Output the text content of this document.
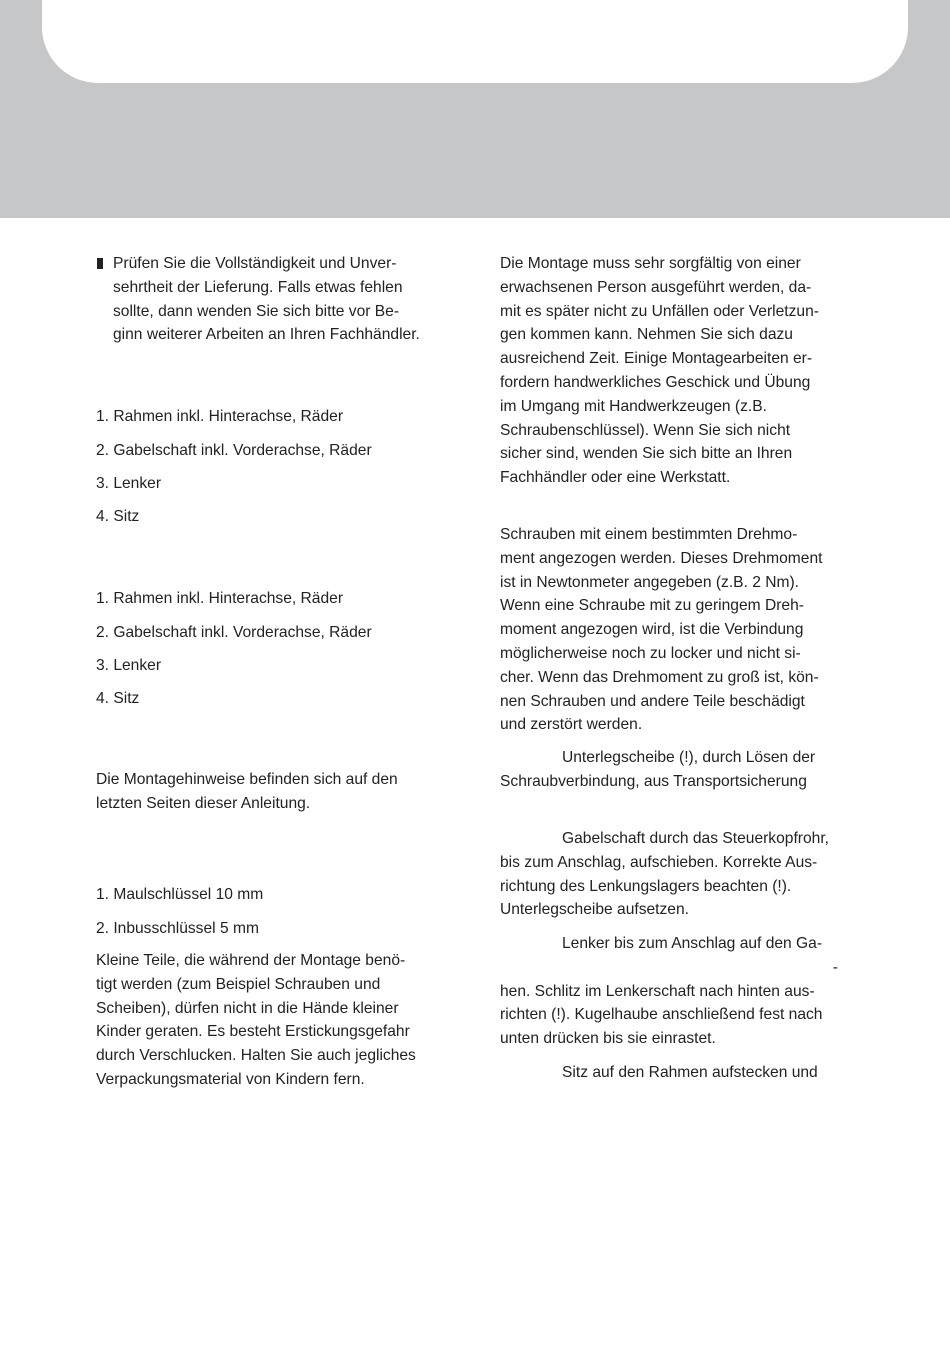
Prüfen Sie die Vollständigkeit und Unver-
sehrtheit der Lieferung. Falls etwas fehlen
sollte, dann wenden Sie sich bitte vor Be-
ginn weiterer Arbeiten an Ihren Fachhändler.
1. Rahmen inkl. Hinterachse, Räder
2. Gabelschaft inkl. Vorderachse, Räder
3. Lenker
4. Sitz
1. Rahmen inkl. Hinterachse, Räder
2. Gabelschaft inkl. Vorderachse, Räder
3. Lenker
4. Sitz
Die Montagehinweise befinden sich auf den
letzten Seiten dieser Anleitung.
1. Maulschlüssel 10 mm
2. Inbusschlüssel 5 mm
Kleine Teile, die während der Montage benö-
tigt werden (zum Beispiel Schrauben und
Scheiben), dürfen nicht in die Hände kleiner
Kinder geraten. Es besteht Erstickungsgefahr
durch Verschlucken. Halten Sie auch jegliches
Verpackungsmaterial von Kindern fern.
Die Montage muss sehr sorgfältig von einer
erwachsenen Person ausgeführt werden, da-
mit es später nicht zu Unfällen oder Verletzun-
gen kommen kann. Nehmen Sie sich dazu
ausreichend Zeit. Einige Montagearbeiten er-
fordern handwerkliches Geschick und Übung
im Umgang mit Handwerkzeugen (z.B.
Schraubenschlüssel). Wenn Sie sich nicht
sicher sind, wenden Sie sich bitte an Ihren
Fachhändler oder eine Werkstatt.
Schrauben mit einem bestimmten Drehmo-
ment angezogen werden. Dieses Drehmoment
ist in Newtonmeter angegeben (z.B. 2 Nm).
Wenn eine Schraube mit zu geringem Dreh-
moment angezogen wird, ist die Verbindung
möglicherweise noch zu locker und nicht si-
cher. Wenn das Drehmoment zu groß ist, kön-
nen Schrauben und andere Teile beschädigt
und zerstört werden.
Unterlegscheibe (!), durch Lösen der
Schraubverbindung, aus Transportsicherung
Gabelschaft durch das Steuerkopfrohr,
bis zum Anschlag, aufschieben. Korrekte Aus-
richtung des Lenkungslagers beachten (!).
Unterlegscheibe aufsetzen.
Lenker bis zum Anschlag auf den Ga-
-
hen. Schlitz im Lenkerschaft nach hinten aus-
richten (!). Kugelhaube anschließend fest nach
unten drücken bis sie einrastet.
Sitz auf den Rahmen aufstecken und
